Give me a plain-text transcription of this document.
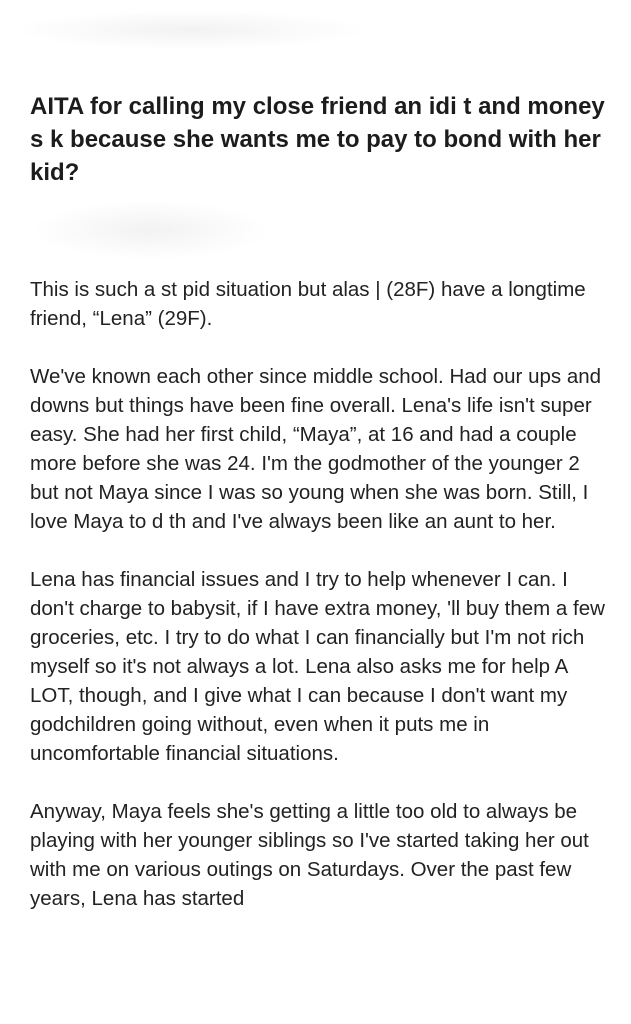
AITA for calling my close friend an idi t and money s k because she wants me to pay to bond with her kid?

This is such a st pid situation but alas | (28F) have a longtime friend, “Lena” (29F).

We've known each other since middle school. Had our ups and downs but things have been fine overall. Lena's life isn't super easy. She had her first child, “Maya”, at 16 and had a couple more before she was 24. I'm the godmother of the younger 2 but not Maya since I was so young when she was born. Still, I love Maya to d th and I've always been like an aunt to her.

Lena has financial issues and I try to help whenever I can. I don't charge to babysit, if I have extra money, 'll buy them a few groceries, etc. I try to do what I can financially but I'm not rich myself so it's not always a lot. Lena also asks me for help A LOT, though, and I give what I can because I don't want my godchildren going without, even when it puts me in uncomfortable financial situations.

Anyway, Maya feels she's getting a little too old to always be playing with her younger siblings so I've started taking her out with me on various outings on Saturdays. Over the past few years, Lena has started
